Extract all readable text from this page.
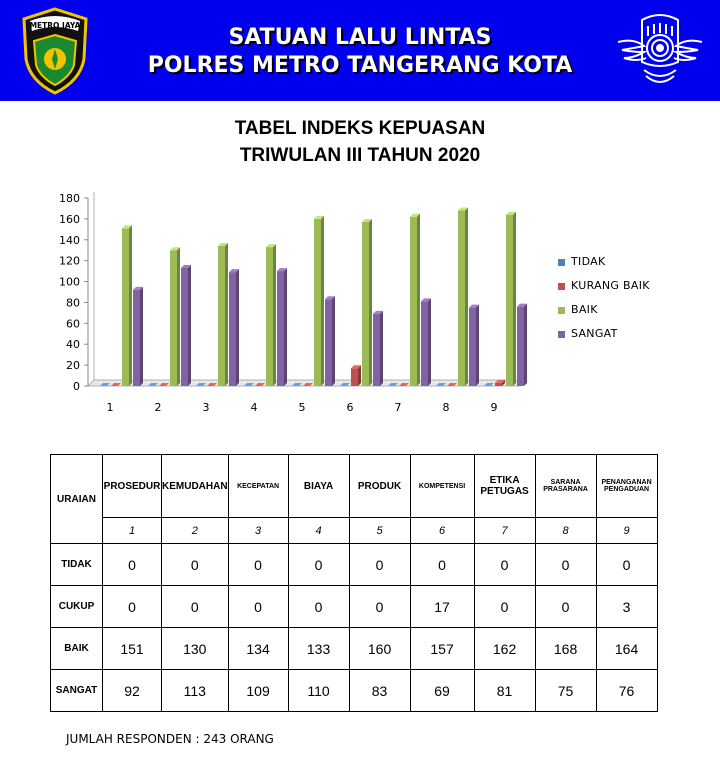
METRO JAYA	SATUAN LALU LINTAS
POLRES METRO TANGERANG KOTA
TABEL INDEKS KEPUASAN
TRIWULAN III TAHUN 2020
0
20
40
60
80
100
120
140
160
180
1	2	3	4	5	6	7	8	9
TIDAK
KURANG BAIK
BAIK
SANGAT
URAIAN	PROSEDUR	KEMUDAHAN	KECEPATAN	BIAYA	PRODUK	KOMPETENSI	ETIKA PETUGAS	SARANA PRASARANA	PENANGANAN PENGADUAN
	1	2	3	4	5	6	7	8	9
TIDAK	0	0	0	0	0	0	0	0	0
CUKUP	0	0	0	0	0	17	0	0	3
BAIK	151	130	134	133	160	157	162	168	164
SANGAT	92	113	109	110	83	69	81	75	76
JUMLAH RESPONDEN : 243 ORANG
